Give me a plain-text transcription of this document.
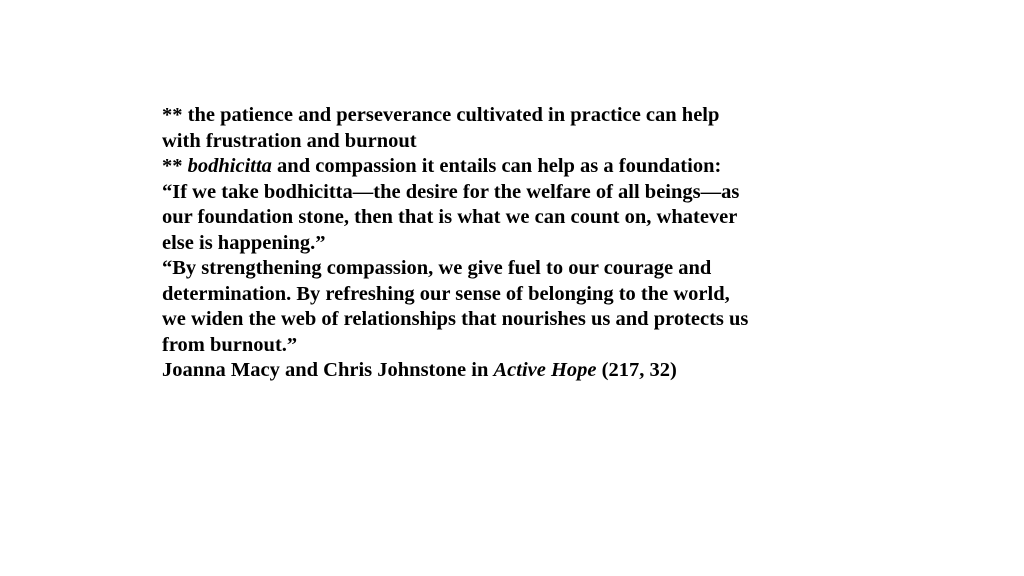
** the patience and perseverance cultivated in practice can help
with frustration and burnout

** bodhicitta and compassion it entails can help as a foundation:

“If we take bodhicitta—the desire for the welfare of all beings—as
our foundation stone, then that is what we can count on, whatever
else is happening.”

“By strengthening compassion, we give fuel to our courage and
determination. By refreshing our sense of belonging to the world,
we widen the web of relationships that nourishes us and protects us
from burnout.”

Joanna Macy and Chris Johnstone in Active Hope (217, 32)
